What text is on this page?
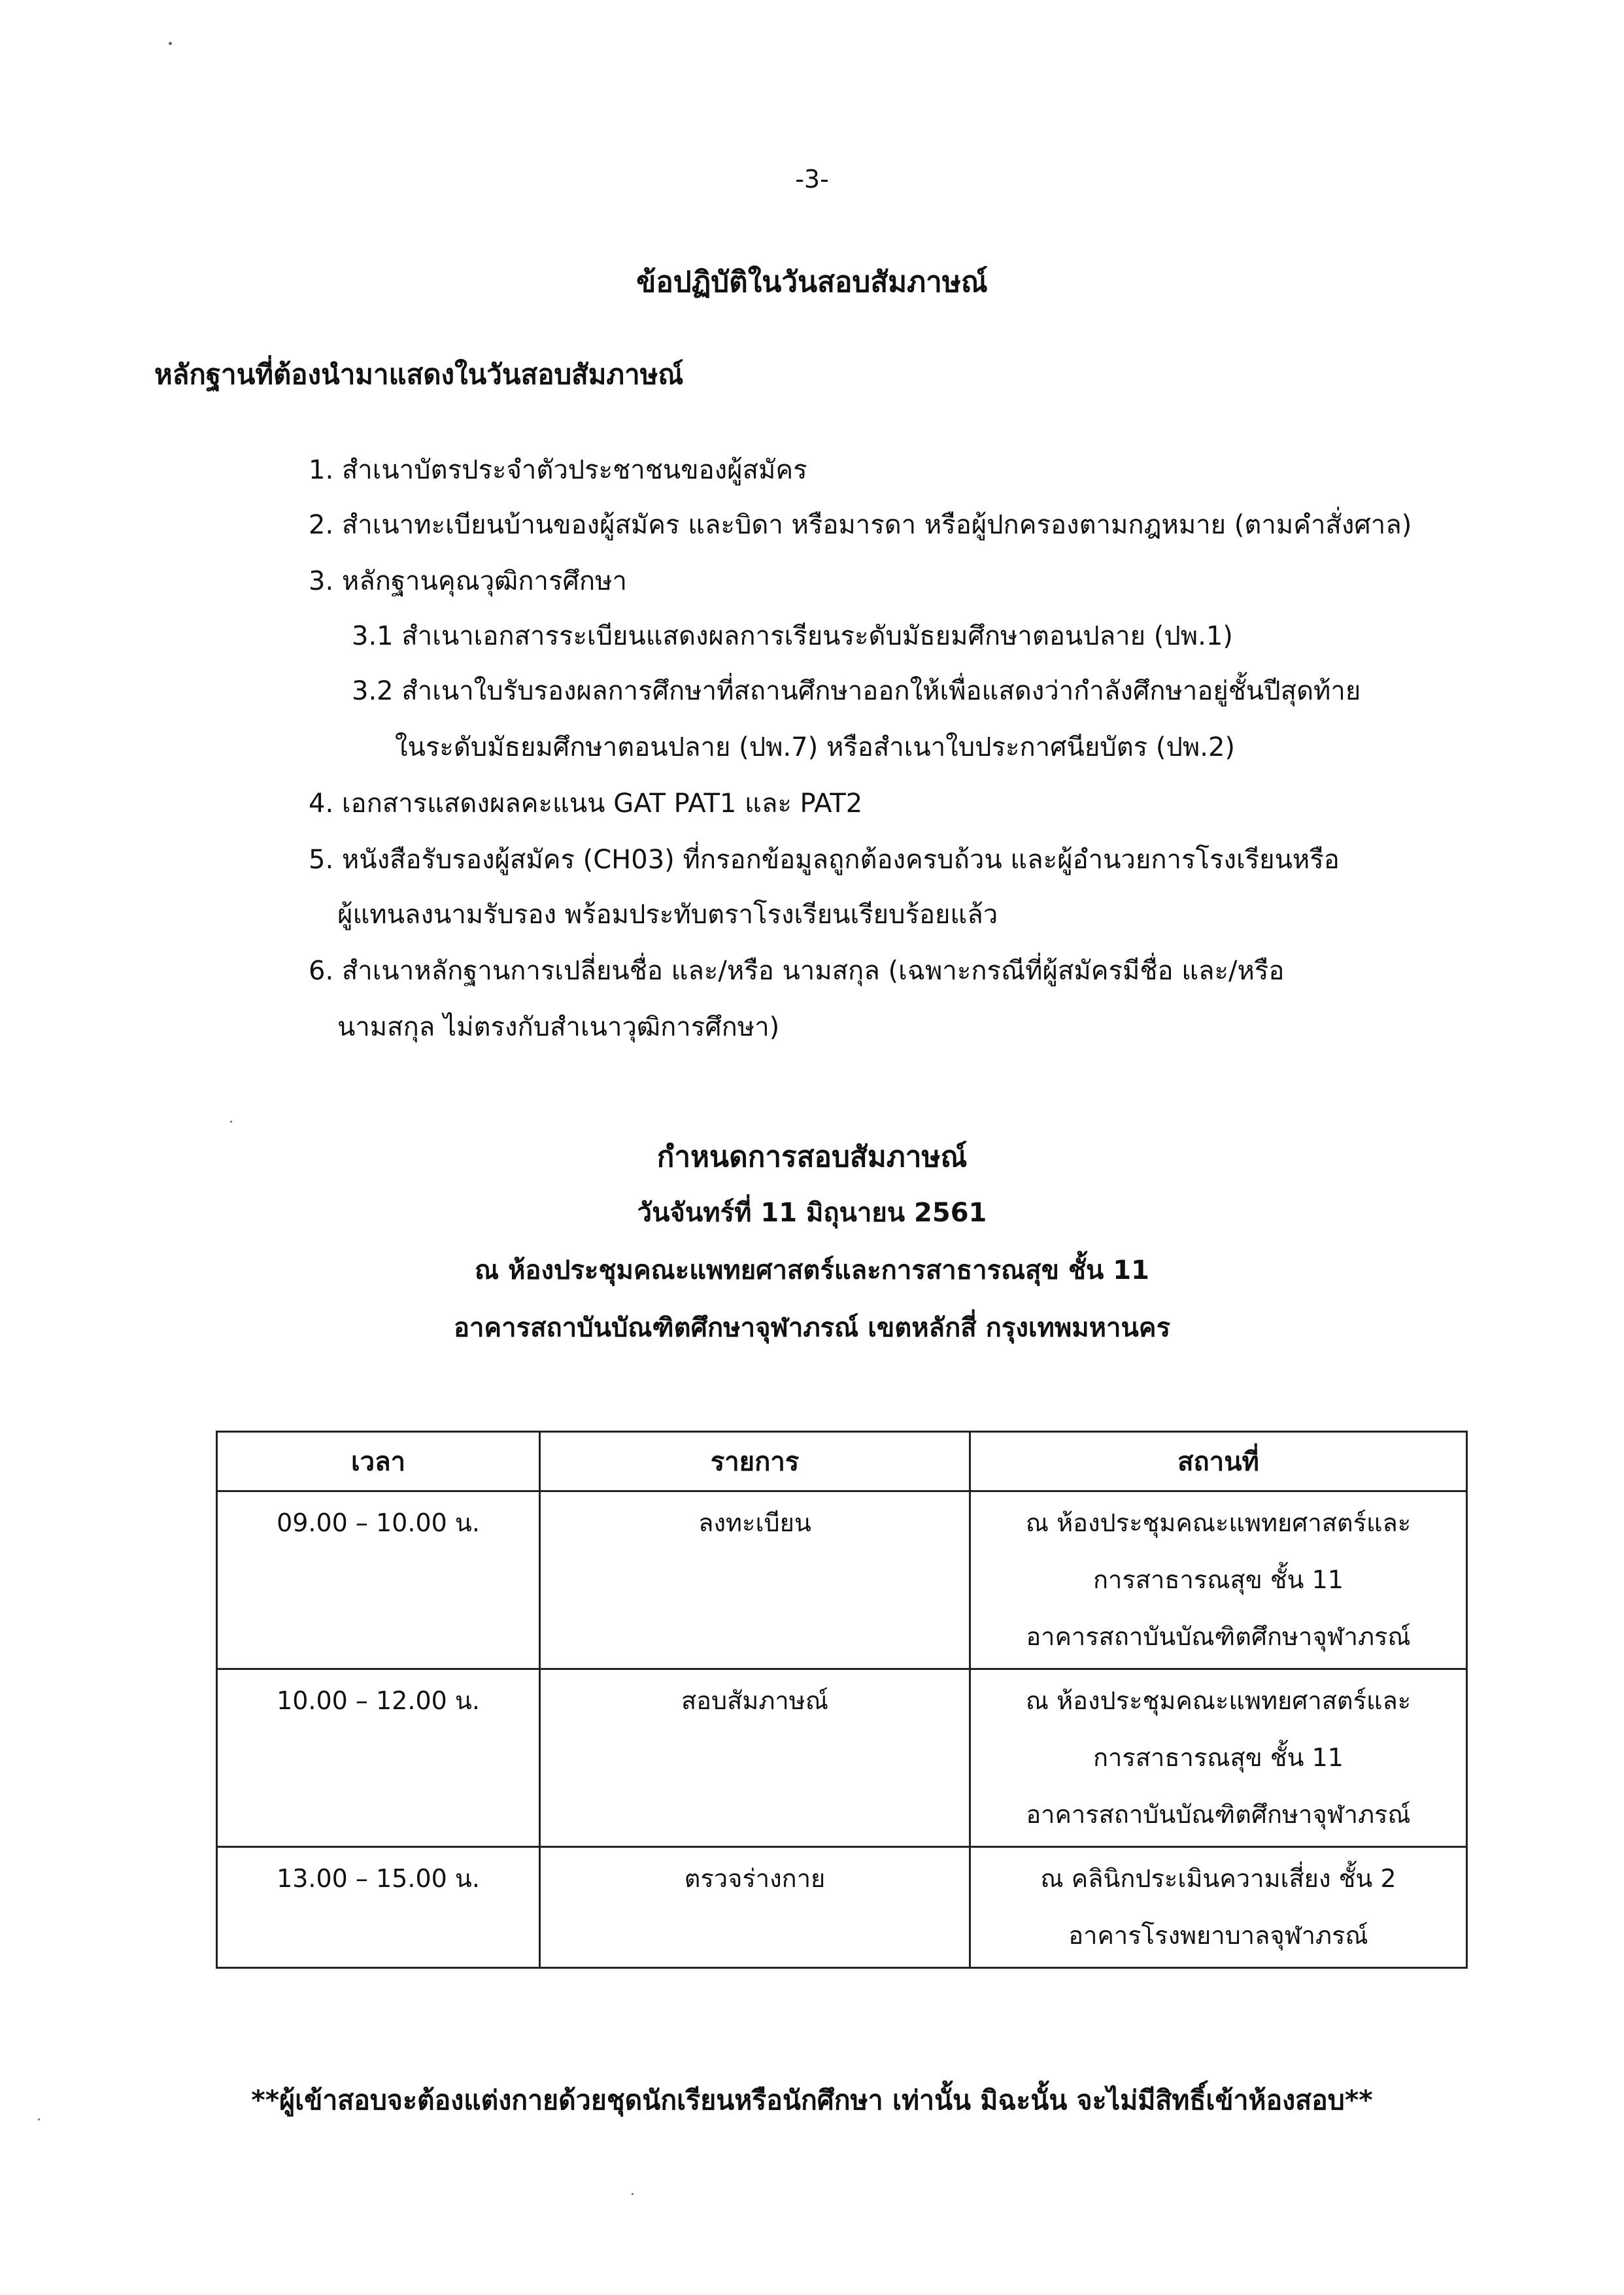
-3-
ข้อปฏิบัติในวันสอบสัมภาษณ์
หลักฐานที่ต้องนำมาแสดงในวันสอบสัมภาษณ์
1. สำเนาบัตรประจำตัวประชาชนของผู้สมัคร
2. สำเนาทะเบียนบ้านของผู้สมัคร และบิดา หรือมารดา หรือผู้ปกครองตามกฎหมาย (ตามคำสั่งศาล)
3. หลักฐานคุณวุฒิการศึกษา
3.1 สำเนาเอกสารระเบียนแสดงผลการเรียนระดับมัธยมศึกษาตอนปลาย (ปพ.1)
3.2 สำเนาใบรับรองผลการศึกษาที่สถานศึกษาออกให้เพื่อแสดงว่ากำลังศึกษาอยู่ชั้นปีสุดท้าย
ในระดับมัธยมศึกษาตอนปลาย (ปพ.7) หรือสำเนาใบประกาศนียบัตร (ปพ.2)
4. เอกสารแสดงผลคะแนน GAT PAT1 และ PAT2
5. หนังสือรับรองผู้สมัคร (CH03) ที่กรอกข้อมูลถูกต้องครบถ้วน และผู้อำนวยการโรงเรียนหรือ
ผู้แทนลงนามรับรอง พร้อมประทับตราโรงเรียนเรียบร้อยแล้ว
6. สำเนาหลักฐานการเปลี่ยนชื่อ และ/หรือ นามสกุล (เฉพาะกรณีที่ผู้สมัครมีชื่อ และ/หรือ
นามสกุล ไม่ตรงกับสำเนาวุฒิการศึกษา)
กำหนดการสอบสัมภาษณ์
วันจันทร์ที่ 11 มิถุนายน 2561
ณ ห้องประชุมคณะแพทยศาสตร์และการสาธารณสุข ชั้น 11
อาคารสถาบันบัณฑิตศึกษาจุฬาภรณ์ เขตหลักสี่ กรุงเทพมหานคร
เวลา	รายการ	สถานที่
09.00 – 10.00 น.	ลงทะเบียน	ณ ห้องประชุมคณะแพทยศาสตร์และ
การสาธารณสุข ชั้น 11
อาคารสถาบันบัณฑิตศึกษาจุฬาภรณ์

10.00 – 12.00 น.	สอบสัมภาษณ์	ณ ห้องประชุมคณะแพทยศาสตร์และ
การสาธารณสุข ชั้น 11
อาคารสถาบันบัณฑิตศึกษาจุฬาภรณ์

13.00 – 15.00 น.	ตรวจร่างกาย	ณ คลินิกประเมินความเสี่ยง ชั้น 2
อาคารโรงพยาบาลจุฬาภรณ์
**ผู้เข้าสอบจะต้องแต่งกายด้วยชุดนักเรียนหรือนักศึกษา เท่านั้น มิฉะนั้น จะไม่มีสิทธิ์เข้าห้องสอบ**
